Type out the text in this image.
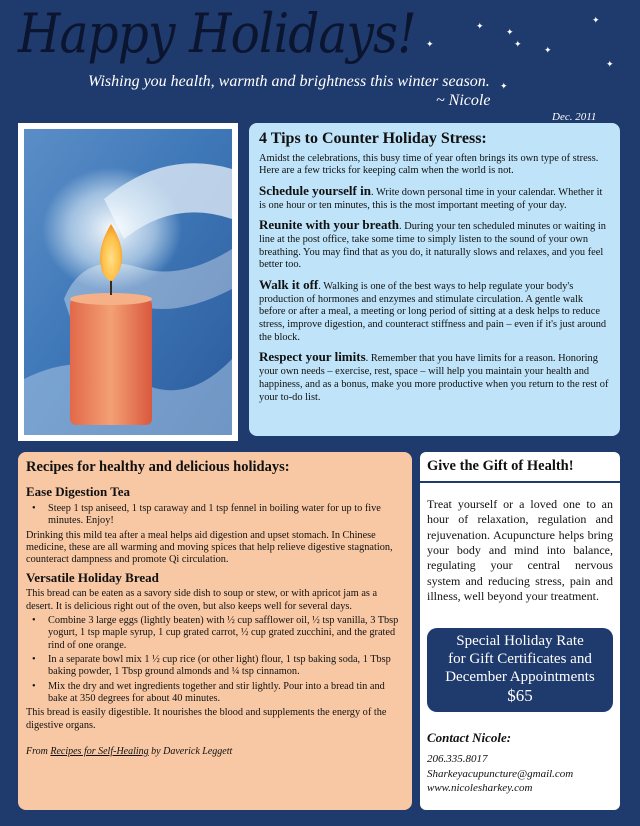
Happy Holidays!
Wishing you health, warmth and brightness this winter season.
~ Nicole
Dec. 2011
✦
✦
✦
✦
✦
✦
✦
✦
4 Tips to Counter Holiday Stress:

Amidst the celebrations, this busy time of year often brings its own type of stress. Here are a few tricks for keeping calm when the world is not.

Schedule yourself in. Write down personal time in your calendar. Whether it is one hour or ten minutes, this is the most important meeting of your day.

Reunite with your breath. During your ten scheduled minutes or waiting in line at the post office, take some time to simply listen to the sound of your own breathing. You may find that as you do, it naturally slows and relaxes, and you feel better too.

Walk it off. Walking is one of the best ways to help regulate your body's production of hormones and enzymes and stimulate circulation. A gentle walk before or after a meal, a meeting or long period of sitting at a desk helps to reduce stress, improve digestion, and counteract stiffness and pain – even if it's just around the block.

Respect your limits. Remember that you have limits for a reason. Honoring your own needs – exercise, rest, space – will help you maintain your health and happiness, and as a bonus, make you more productive when you return to the rest of your to-do list.

Recipes for healthy and delicious holidays:
Ease Digestion Tea
• Steep 1 tsp aniseed, 1 tsp caraway and 1 tsp fennel in boiling water for up to five minutes. Enjoy!

Drinking this mild tea after a meal helps aid digestion and upset stomach. In Chinese medicine, these are all warming and moving spices that help relieve digestive stagnation, counteract dampness and promote Qi circulation.

Versatile Holiday Bread

This bread can be eaten as a savory side dish to soup or stew, or with apricot jam as a desert. It is delicious right out of the oven, but also keeps well for several days.

• Combine 3 large eggs (lightly beaten) with ½ cup safflower oil, ½ tsp vanilla, 3 Tbsp yogurt, 1 tsp maple syrup, 1 cup grated carrot, ½ cup grated zucchini, and the grated rind of one orange.
• In a separate bowl mix 1 ½ cup rice (or other light) flour, 1 tsp baking soda, 1 Tbsp baking powder, 1 Tbsp ground almonds and ¼ tsp cinnamon.
• Mix the dry and wet ingredients together and stir lightly. Pour into a bread tin and bake at 350 degrees for about 40 minutes.

This bread is easily digestible. It nourishes the blood and supplements the energy of the digestive organs.

From Recipes for Self-Healing by Daverick Leggett

Give the Gift of Health!

Treat yourself or a loved one to an hour of relaxation, regulation and rejuvenation. Acupuncture helps bring your body and mind into balance, regulating your central nervous system and reducing stress, pain and illness, well beyond your treatment.

Special Holiday Rate
for Gift Certificates and
December Appointments
$65
Contact Nicole:
206.335.8017
Sharkeyacupuncture@gmail.com
www.nicolesharkey.com
